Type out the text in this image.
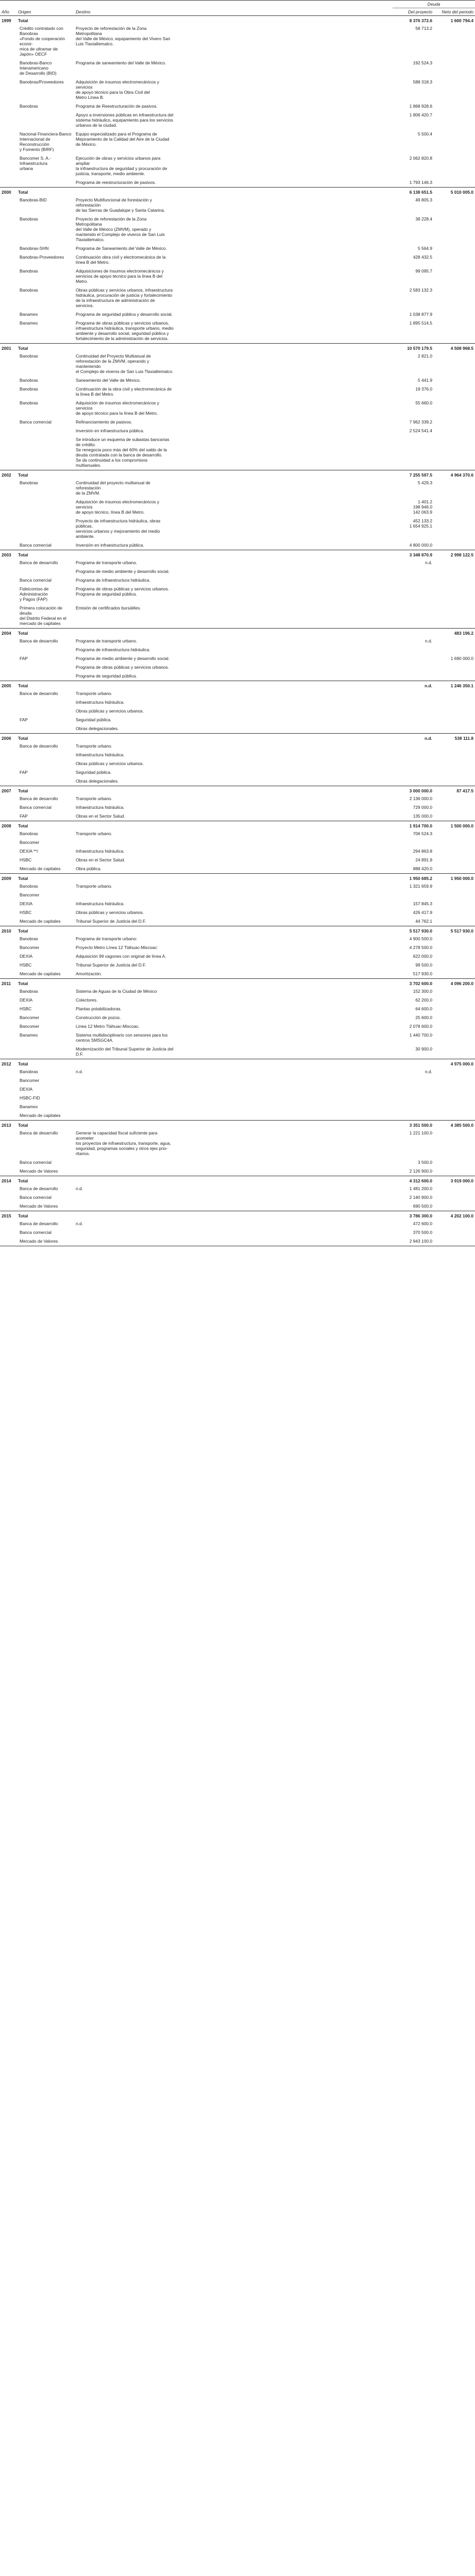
Año	Origen	Destino		Deuda	
				Del proyecto	Neto del periodo
1999	Total			8 376 372.6	1 600 794.4
	Crédito contratado con Banobras
«Fondo de cooperación econó-
mica de ultramar de Japón» OECF	Proyecto de reforestación de la Zona Metropolitana
del Valle de México, equipamiento del Vivero San
Luis Tlaxialtemalco.		58 713.2	
	Banobras-Banco Interamericano
de Desarrollo (BID)	Programa de saneamiento del Valle de México.		192 524.3	
	Banobras/Proveedores	Adquisición de insumos electromecánicos y servicios
de apoyo técnico para la Obra Civil del
Metro Línea B.		588 318.3	
	Banobras	Programa de Reestructuración de pasivos.		1 868 928.6	
		Apoyo a inversiones públicas en infraestructura del
sistema hidráulico, equipamiento para los servicios
urbanos de la ciudad.		1 806 420.7	
	Nacional Financiera-Banco
Internacional de Reconstrucción
y Fomento (BIRF)	Equipo especializado para el Programa de
Mejoramiento de la Calidad del Aire de la Ciudad
de México.		5 500.4	
	Bancomer S. A.-Infraestructura
urbana	Ejecución de obras y servicios urbanos para ampliar
la infraestructura de seguridad y procuración de
justicia, transporte, medio ambiente.		2 062 820.8	
		Programa de reestructuración de pasivos.		1 793 146.3	
2000	Total			6 138 651.5	5 010 005.0
	Banobras-BID	Proyecto Multifuncional de forestación y reforestación
de las Sierras de Guadalupe y Santa Catarina.		49 805.3	
	Banobras	Proyecto de reforestación de la Zona Metropolitana
del Valle de México (ZMVM), operado y
mantenido el Complejo de viveros de San Luis
Tlaxialtemalco.		38 228.4	
	Banobras-SHN	Programa de Saneamiento del Valle de México.		5 564.9	
	Banobras-Proveedores	Continuación obra civil y electromecánica de la
línea B del Metro.		428 432.5	
	Banobras	Adquisiciones de insumos electromecánicos y
servicios de apoyo técnico para la línea B del Metro.		99 095.7	
	Banobras	Obras públicas y servicios urbanos, infraestructura
hidráulica, procuración de justicia y fortalecimiento
de la infraestructura de administración de servicios.		2 583 132.3	
	Banamex	Programa de seguridad pública y desarrollo social.		1 038 877.9	
	Banamex	Programa de obras públicas y servicios urbanos,
infraestructura hidráulica, transporte urbano, medio
ambiente y desarrollo social, seguridad pública y
fortalecimiento de la administración de servicios.		1 895 514.5	
2001	Total			10 570 179.5	4 508 968.5
	Banobras	Continuidad del Proyecto Multianual de
reforestación de la ZMVM, operando y manteniendo
el Complejo de viveros de San Luis Tlaxialtemalco.		2 821.0	
	Banobras	Saneamiento del Valle de México.		5 441.9	
	Banobras	Continuación de la obra civil y electromecánica de
la línea B del Metro.		19 376.0	
	Banobras	Adquisición de insumos electromecánicos y servicios
de apoyo técnico para la línea B del Metro.		55 660.0	
	Banca comercial	Refinanciamiento de pasivos.		7 962 339.2	
		Inversión en infraestructura pública.		2 524 541.4	
		Se introduce un esquema de subastas bancarias
de crédito.
Se renegocia poco más del 60% del saldo de la
deuda contratada con la banca de desarrollo.
Se da continuidad a los compromisos multianuales.			
2002	Total			7 255 597.5	4 964 370.6
	Banobras	Continuidad del proyecto multianual de reforestación
de la ZMVM.		5 429.3	
		Adquisición de insumos electromecánicos y servicios
de apoyo técnico, línea B del Metro.		1 401.2
198 946.0
142 063.9	
		Proyecto de infraestructura hidráulica, obras públicas,
servicios urbanos y mejoramiento del medio ambiente.		452 133.2
1 654 925.1	
	Banca comercial	Inversión en infraestructura pública.		4 800 000.0	
2003	Total			3 348 870.9	2 998 122.5
	Banca de desarrollo	Programa de transporte urbano.		n.d.	
		Programa de medio ambiente y desarrollo social.			
	Banca comercial	Programa de infraestructura hidráulica.			
	Fideicomiso de Administración
y Pagos (FAP)	Programa de obras públicas y servicios urbanos.
Programa de seguridad pública.			
	Primera colocación de deuda
del Distrito Federal en el
mercado de capitales	Emisión de certificados bursátiles.			
2004	Total				483 196.2
	Banca de desarrollo	Programa de transporte urbano.		n.d.	
		Programa de infraestructura hidráulica.			
	FAP	Programa de medio ambiente y desarrollo social.			1 690 000.0
		Programa de obras públicas y servicios urbanos.			
		Programa de seguridad pública.			
2005	Total			n.d.	1 246 350.1
	Banca de desarrollo	Transporte urbano.			
		Infraestructura hidráulica.			
		Obras públicas y servicios urbanos.			
	FAP	Seguridad pública.			
		Obras delegacionales.			
2006	Total			n.d.	538 111.8
	Banca de desarrollo	Transporte urbano.			
		Infraestructura hidráulica.			
		Obras públicas y servicios urbanos.			
	FAP	Seguridad pública.			
		Obras delegacionales.			
2007	Total			3 000 000.0	87 417.5
	Banca de desarrollo	Transporte urbano.		2 136 000.0	
	Banca comercial	Infraestructura hidráulica.		729 000.0	
	FAP	Obras en el Sector Salud.		135 000.0	
2008	Total			1 914 700.0	1 500 000.0
	Banobras	Transporte urbano.		706 524.3	
	Bancomer				
	DEXIA **/	Infraestructura hidráulica.		294 863.8	
	HSBC	Obras en el Sector Salud.		24 891.9	
	Mercado de capitales	Obra pública.		888 420.0	
2009	Total			1 950 685.2	1 950 000.0
	Banobras	Transporte urbano.		1 321 659.9	
	Bancomer				
	DEXIA	Infraestructura hidráulica.		157 845.3	
	HSBC	Obras públicas y servicios urbanos.		426 417.9	
	Mercado de capitales	Tribunal Superior de Justicia del D.F.		44 762.1	
2010	Total			5 517 930.0	5 517 930.0
	Banobras	Programa de transporte urbano:		4 900 500.0	
	Bancomer	Proyecto Metro Línea 12 Tláhuac-Mixcoac:		4 278 500.0	
	DEXIA	Adquisición 99 vagones con original de línea A.		622 000.0	
	HSBC	Tribunal Superior de Justicia del D.F.		99 500.0	
	Mercado de capitales	Amortización.		517 930.0	
2011	Total			3 702 600.0	4 096 200.0
	Banobras	Sistema de Aguas de la Ciudad de México		152 300.0	
	DEXIA	Colectores.		62 200.0	
	HSBC	Plantas potabilizadoras.		64 600.0	
	Bancomer	Construcción de pozos.		25 600.0	
	Bancomer	Línea 12 Metro Tláhuac-Mixcoac.		2 078 600.0	
	Banamex	Sistema multidisciplinario con sensores para los
centros SMSGC4A.		1 440 700.0	
		Modernización del Tribunal Superior de Justicia del
D.F.		30 900.0	
2012	Total				4 975 000.0
	Banobras	n.d.		n.d.	
	Bancomer				
	DEXIA				
	HSBC-FID				
	Banamex				
	Mercado de capitales				
2013	Total			3 351 500.0	4 385 500.0
	Banca de desarrollo	Generar la capacidad fiscal suficiente para acometer
los proyectos de infraestructura, transporte, agua,
seguridad, programas sociales y otros ejes prio-
ritarios.		1 221 100.0	
	Banca comercial			3 500.0	
	Mercado de Valores			2 126 900.0	
2014	Total			4 312 600.0	3 919 000.0
	Banca de desarrollo	n.d.		1 481 200.0	
	Banca comercial			2 140 900.0	
	Mercado de Valores			690 500.0	
2015	Total			3 786 300.0	4 202 100.0
	Banca de desarrollo	n.d.		472 600.0	
	Banca comercial			370 500.0	
	Mercado de Valores			2 943 100.0	
